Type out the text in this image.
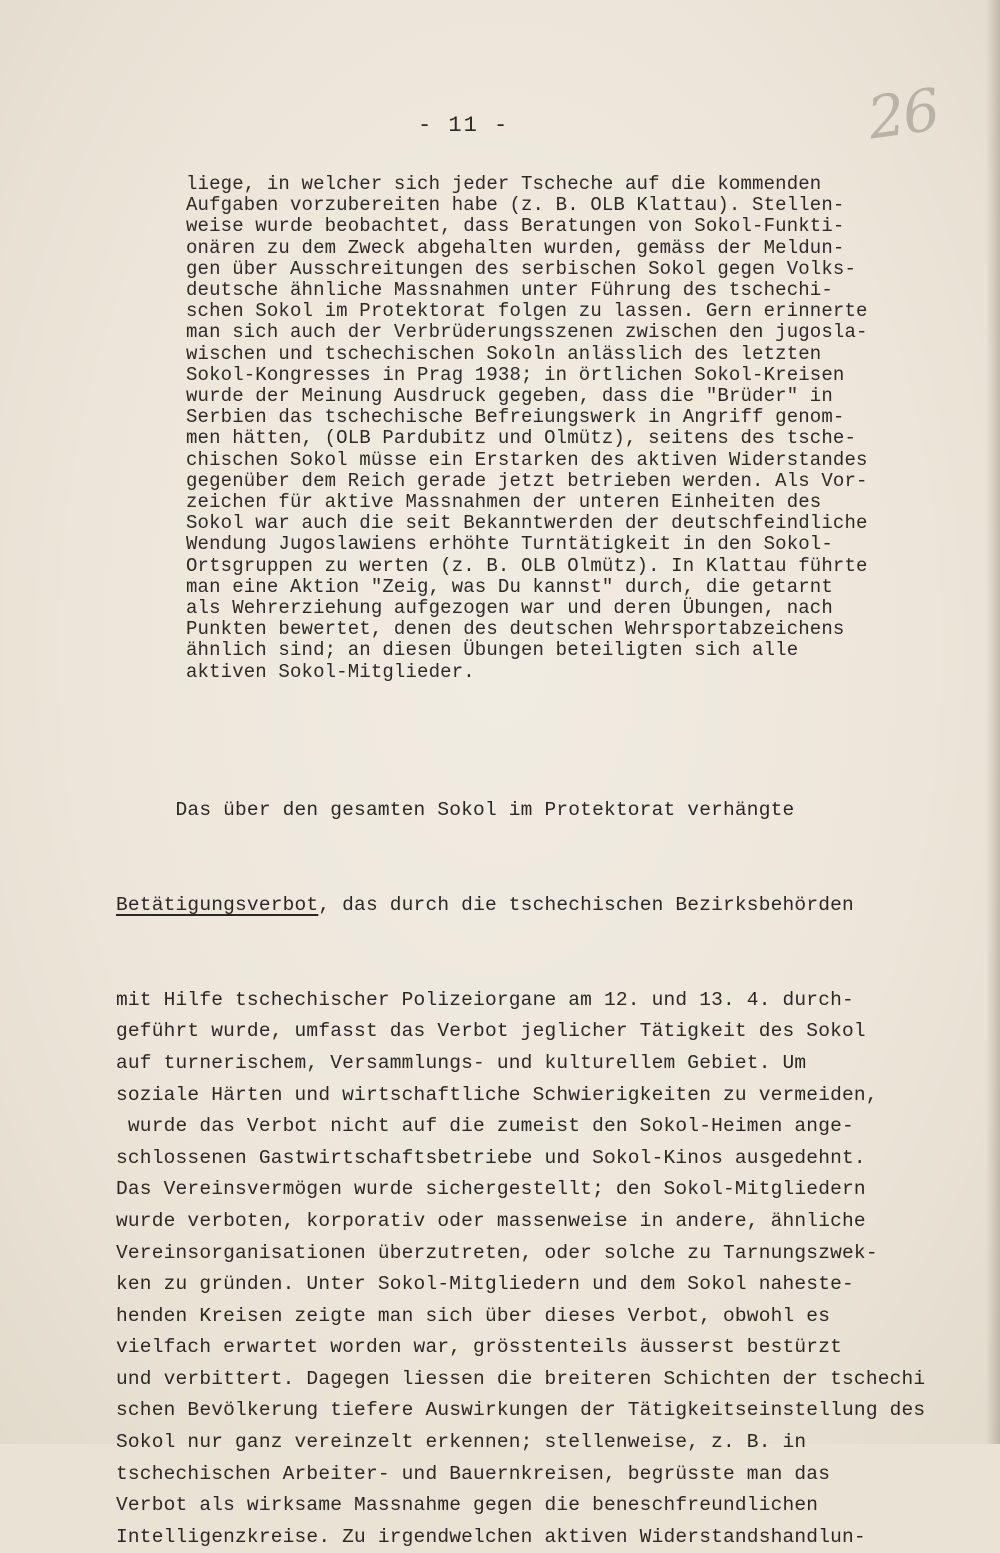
- 11 -	26
liege, in welcher sich jeder Tscheche auf die kommenden
Aufgaben vorzubereiten habe (z. B. OLB Klattau). Stellen-
weise wurde beobachtet, dass Beratungen von Sokol-Funkti-
onären zu dem Zweck abgehalten wurden, gemäss der Meldun-
gen über Ausschreitungen des serbischen Sokol gegen Volks-
deutsche ähnliche Massnahmen unter Führung des tschechi-
schen Sokol im Protektorat folgen zu lassen. Gern erinnerte
man sich auch der Verbrüderungsszenen zwischen den jugosla-
wischen und tschechischen Sokoln anlässlich des letzten
Sokol-Kongresses in Prag 1938; in örtlichen Sokol-Kreisen
wurde der Meinung Ausdruck gegeben, dass die "Brüder" in
Serbien das tschechische Befreiungswerk in Angriff genom-
men hätten, (OLB Pardubitz und Olmütz), seitens des tsche-
chischen Sokol müsse ein Erstarken des aktiven Widerstandes
gegenüber dem Reich gerade jetzt betrieben werden. Als Vor-
zeichen für aktive Massnahmen der unteren Einheiten des
Sokol war auch die seit Bekanntwerden der deutschfeindliche
Wendung Jugoslawiens erhöhte Turntätigkeit in den Sokol-
Ortsgruppen zu werten (z. B. OLB Olmütz). In Klattau führte
man eine Aktion "Zeig, was Du kannst" durch, die getarnt
als Wehrerziehung aufgezogen war und deren Übungen, nach
Punkten bewertet, denen des deutschen Wehrsportabzeichens
ähnlich sind; an diesen Übungen beteiligten sich alle
aktiven Sokol-Mitglieder.

Das über den gesamten Sokol im Protektorat verhängte

Betätigungsverbot, das durch die tschechischen Bezirksbehörden

mit Hilfe tschechischer Polizeiorgane am 12. und 13. 4. durch-
geführt wurde, umfasst das Verbot jeglicher Tätigkeit des Sokol
auf turnerischem, Versammlungs- und kulturellem Gebiet. Um
soziale Härten und wirtschaftliche Schwierigkeiten zu vermeiden,
wurde das Verbot nicht auf die zumeist den Sokol-Heimen ange-
schlossenen Gastwirtschaftsbetriebe und Sokol-Kinos ausgedehnt.
Das Vereinsvermögen wurde sichergestellt; den Sokol-Mitgliedern
wurde verboten, korporativ oder massenweise in andere, ähnliche
Vereinsorganisationen überzutreten, oder solche zu Tarnungszwek-
ken zu gründen. Unter Sokol-Mitgliedern und dem Sokol naheste-
henden Kreisen zeigte man sich über dieses Verbot, obwohl es
vielfach erwartet worden war, grösstenteils äusserst bestürzt
und verbittert. Dagegen liessen die breiteren Schichten der tschechi
schen Bevölkerung tiefere Auswirkungen der Tätigkeitseinstellung des
Sokol nur ganz vereinzelt erkennen; stellenweise, z. B. in
tschechischen Arbeiter- und Bauernkreisen, begrüsste man das
Verbot als wirksame Massnahme gegen die beneschfreundlichen
Intelligenzkreise. Zu irgendwelchen aktiven Widerstandshandlun-
